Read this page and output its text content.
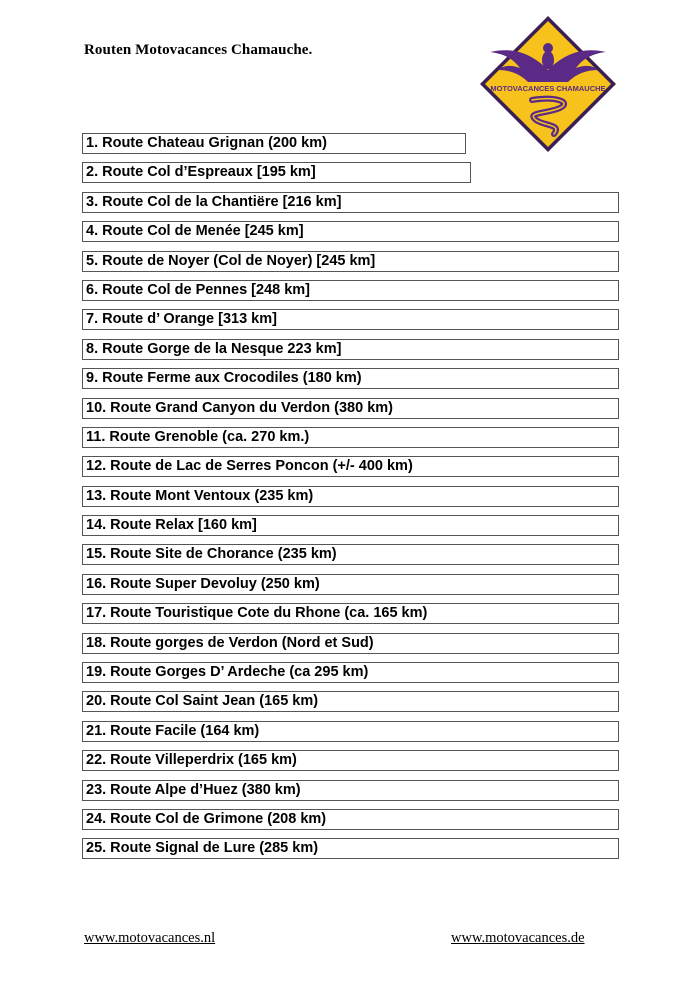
Routen Motovacances Chamauche.
MOTOVACANCES CHAMAUCHE
1. Route Chateau Grignan (200 km)
2. Route Col d’Espreaux [195 km]
3. Route Col de la Chantiëre [216 km]
4. Route Col de Menée [245 km]
5. Route de Noyer (Col de Noyer) [245 km]
6. Route Col de Pennes [248 km]
7. Route d’ Orange [313 km]
8. Route Gorge de la Nesque 223 km]
9. Route Ferme aux Crocodiles (180 km)
10. Route Grand Canyon du Verdon (380 km)
11. Route Grenoble (ca. 270 km.)
12. Route de Lac de Serres Poncon (+/- 400 km)
13. Route Mont Ventoux (235 km)
14. Route Relax [160 km]
15. Route Site de Chorance (235 km)
16. Route Super Devoluy (250 km)
17. Route Touristique Cote du Rhone (ca. 165 km)
18. Route gorges de Verdon (Nord et Sud)
19. Route Gorges D’ Ardeche (ca 295 km)
20. Route Col Saint Jean (165 km)
21. Route Facile (164 km)
22. Route Villeperdrix (165 km)
23. Route Alpe d’Huez (380 km)
24. Route Col de Grimone (208 km)
25. Route Signal de Lure (285 km)
www.motovacances.nl	www.motovacances.de
